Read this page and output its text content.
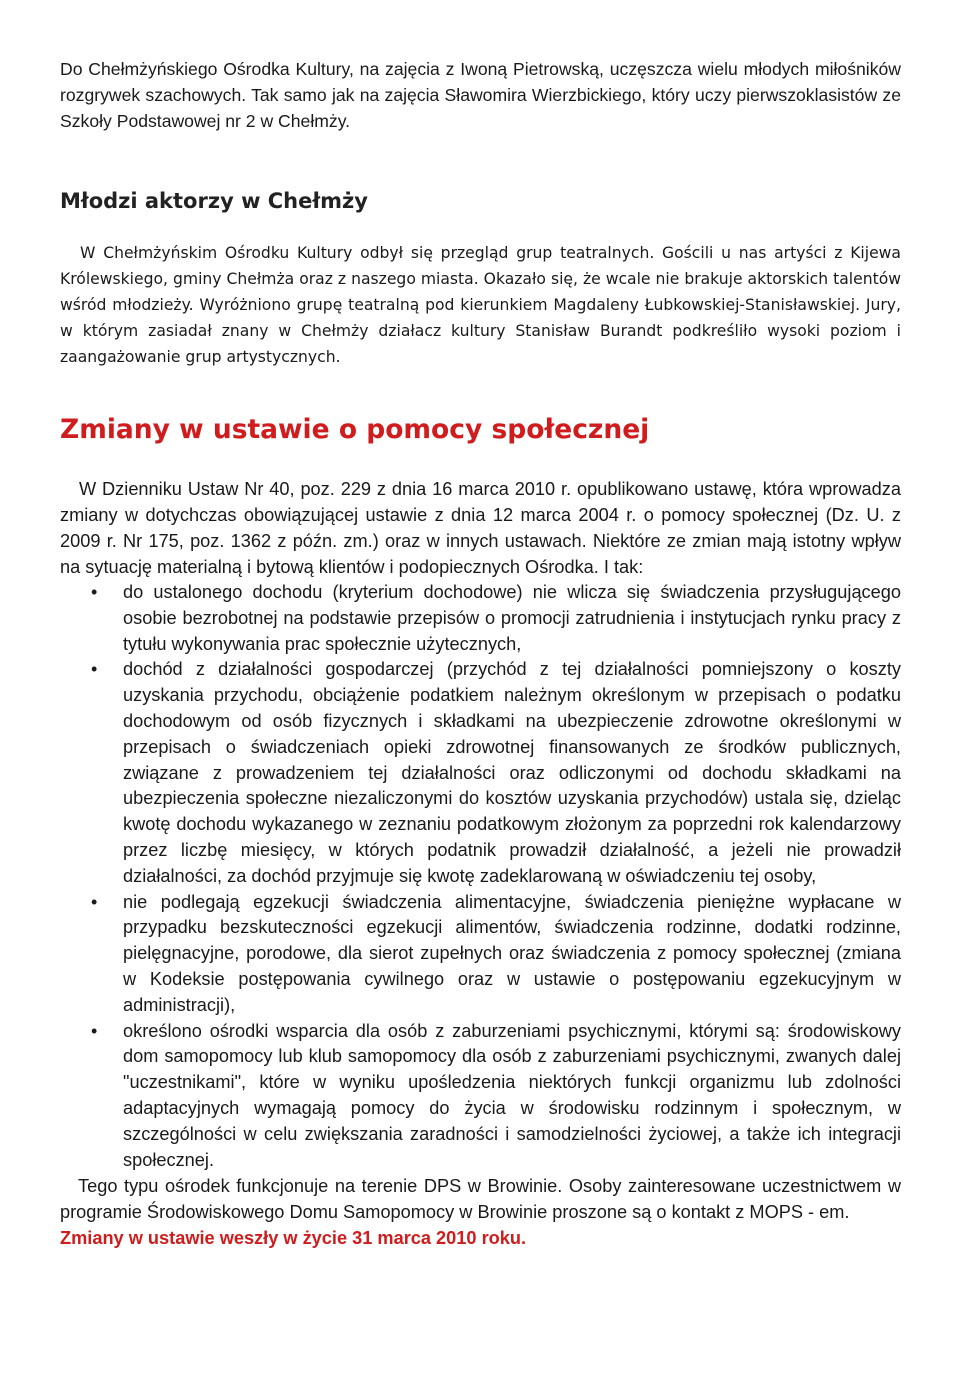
Do Chełmżyńskiego Ośrodka Kultury, na zajęcia z Iwoną Pietrowską, uczęszcza wielu młodych miłośników rozgrywek szachowych. Tak samo jak na zajęcia Sławomira Wierzbickiego, który uczy pierwszoklasistów ze Szkoły Podstawowej nr 2 w Chełmży.

Młodzi aktorzy w Chełmży

W Chełmżyńskim Ośrodku Kultury odbył się przegląd grup teatralnych. Gościli u nas artyści z Kijewa Królewskiego, gminy Chełmża oraz z naszego miasta. Okazało się, że wcale nie brakuje aktorskich talentów wśród młodzieży. Wyróżniono grupę teatralną pod kierunkiem Magdaleny Łubkowskiej-Stanisławskiej. Jury, w którym zasiadał znany w Chełmży działacz kultury Stanisław Burandt podkreśliło wysoki poziom i zaangażowanie grup artystycznych.

Zmiany w ustawie o pomocy społecznej

W Dzienniku Ustaw Nr 40, poz. 229 z dnia 16 marca 2010 r. opublikowano ustawę, która wprowadza zmiany w dotychczas obowiązującej ustawie z dnia 12 marca 2004 r. o pomocy społecznej (Dz. U. z 2009 r. Nr 175, poz. 1362 z późn. zm.) oraz w innych ustawach. Niektóre ze zmian mają istotny wpływ na sytuację materialną i bytową klientów i podopiecznych Ośrodka. I tak:

• do ustalonego dochodu (kryterium dochodowe) nie wlicza się świadczenia przysługującego osobie bezrobotnej na podstawie przepisów o promocji zatrudnienia i instytucjach rynku pracy z tytułu wykonywania prac społecznie użytecznych,
• dochód z działalności gospodarczej (przychód z tej działalności pomniejszony o koszty uzyskania przychodu, obciążenie podatkiem należnym określonym w przepisach o podatku dochodowym od osób fizycznych i składkami na ubezpieczenie zdrowotne określonymi w przepisach o świadczeniach opieki zdrowotnej finansowanych ze środków publicznych, związane z prowadzeniem tej działalności oraz odliczonymi od dochodu składkami na ubezpieczenia społeczne niezaliczonymi do kosztów uzyskania przychodów) ustala się, dzieląc kwotę dochodu wykazanego w zeznaniu podatkowym złożonym za poprzedni rok kalendarzowy przez liczbę miesięcy, w których podatnik prowadził działalność, a jeżeli nie prowadził działalności, za dochód przyjmuje się kwotę zadeklarowaną w oświadczeniu tej osoby,
• nie podlegają egzekucji świadczenia alimentacyjne, świadczenia pieniężne wypłacane w przypadku bezskuteczności egzekucji alimentów, świadczenia rodzinne, dodatki rodzinne, pielęgnacyjne, porodowe, dla sierot zupełnych oraz świadczenia z pomocy społecznej (zmiana w Kodeksie postępowania cywilnego oraz w ustawie o postępowaniu egzekucyjnym w administracji),
• określono ośrodki wsparcia dla osób z zaburzeniami psychicznymi, którymi są: środowiskowy dom samopomocy lub klub samopomocy dla osób z zaburzeniami psychicznymi, zwanych dalej "uczestnikami", które w wyniku upośledzenia niektórych funkcji organizmu lub zdolności adaptacyjnych wymagają pomocy do życia w środowisku rodzinnym i społecznym, w szczególności w celu zwiększania zaradności i samodzielności życiowej, a także ich integracji społecznej.

Tego typu ośrodek funkcjonuje na terenie DPS w Browinie. Osoby zainteresowane uczestnictwem w programie Środowiskowego Domu Samopomocy w Browinie proszone są o kontakt z MOPS - em.

Zmiany w ustawie weszły w życie 31 marca 2010 roku.
